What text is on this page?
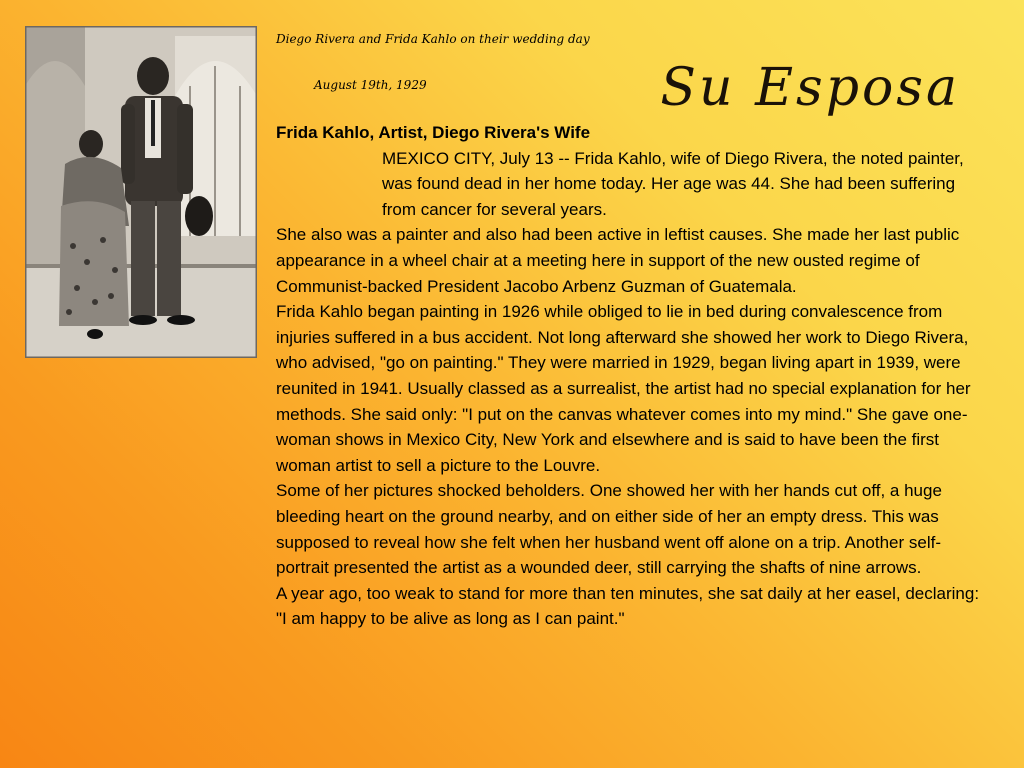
Diego Rivera and Frida Kahlo on their wedding day
August 19th, 1929	Su Esposa
Frida Kahlo, Artist, Diego Rivera's Wife

MEXICO CITY, July 13 -- Frida Kahlo, wife of Diego Rivera, the noted painter, was found dead in her home today. Her age was 44. She had been suffering from cancer for several years.

She also was a painter and also had been active in leftist causes. She made her last public appearance in a wheel chair at a meeting here in support of the new ousted regime of Communist-backed President Jacobo Arbenz Guzman of Guatemala.

Frida Kahlo began painting in 1926 while obliged to lie in bed during convalescence from injuries suffered in a bus accident. Not long afterward she showed her work to Diego Rivera, who advised, "go on painting." They were married in 1929, began living apart in 1939, were reunited in 1941. Usually classed as a surrealist, the artist had no special explanation for her methods. She said only: "I put on the canvas whatever comes into my mind." She gave one-woman shows in Mexico City, New York and elsewhere and is said to have been the first woman artist to sell a picture to the Louvre.

Some of her pictures shocked beholders. One showed her with her hands cut off, a huge bleeding heart on the ground nearby, and on either side of her an empty dress. This was supposed to reveal how she felt when her husband went off alone on a trip. Another self-portrait presented the artist as a wounded deer, still carrying the shafts of nine arrows.

A year ago, too weak to stand for more than ten minutes, she sat daily at her easel, declaring: "I am happy to be alive as long as I can paint."
